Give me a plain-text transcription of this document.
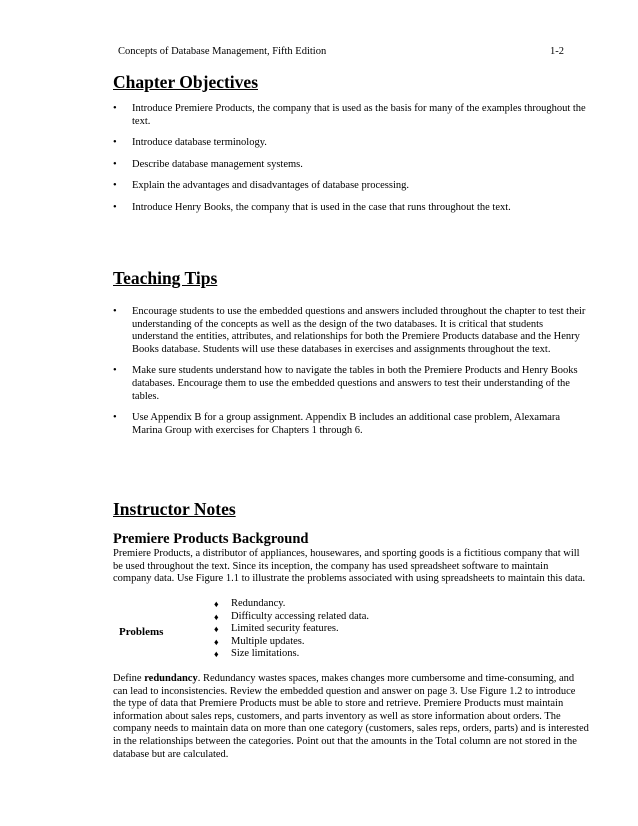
Concepts of Database Management, Fifth Edition	1-2
Chapter Objectives
•	Introduce Premiere Products, the company that is used as the basis for many of the examples throughout the text.
•	Introduce database terminology.
•	Describe database management systems.
•	Explain the advantages and disadvantages of database processing.
•	Introduce Henry Books, the company that is used in the case that runs throughout the text.
Teaching Tips
•	Encourage students to use the embedded questions and answers included throughout the chapter to test their understanding of the concepts as well as the design of the two databases. It is critical that students understand the entities, attributes, and relationships for both the Premiere Products database and the Henry Books database. Students will use these databases in exercises and assignments throughout the text.
•	Make sure students understand how to navigate the tables in both the Premiere Products and Henry Books databases. Encourage them to use the embedded questions and answers to test their understanding of the tables.
•	Use Appendix B for a group assignment. Appendix B includes an additional case problem, Alexamara Marina Group with exercises for Chapters 1 through 6.
Instructor Notes
Premiere Products Background

Premiere Products, a distributor of appliances, housewares, and sporting goods is a fictitious company that will be used throughout the text. Since its inception, the company has used spreadsheet software to maintain company data. Use Figure 1.1 to illustrate the problems associated with using spreadsheets to maintain this data.

Problems
♦ Redundancy.
♦ Difficulty accessing related data.
♦ Limited security features.
♦ Multiple updates.
♦ Size limitations.

Define redundancy. Redundancy wastes spaces, makes changes more cumbersome and time-consuming, and can lead to inconsistencies. Review the embedded question and answer on page 3. Use Figure 1.2 to introduce the type of data that Premiere Products must be able to store and retrieve. Premiere Products must maintain information about sales reps, customers, and parts inventory as well as store information about orders. The company needs to maintain data on more than one category (customers, sales reps, orders, parts) and is interested in the relationships between the categories. Point out that the amounts in the Total column are not stored in the database but are calculated.
